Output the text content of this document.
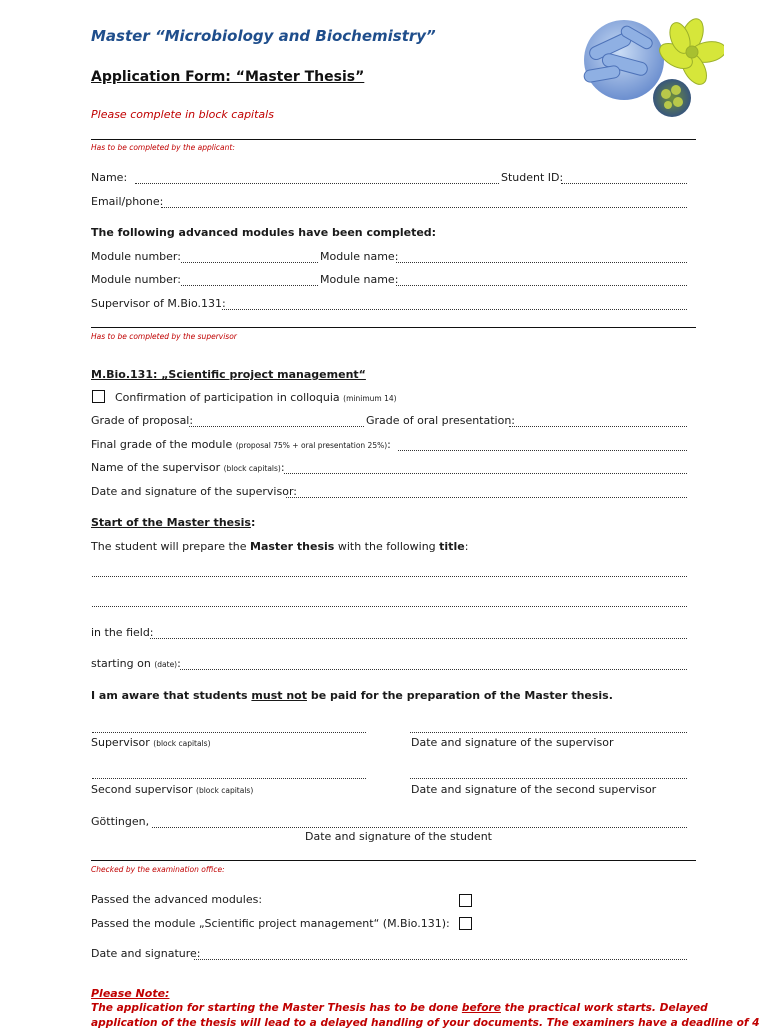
Master “Microbiology and Biochemistry”
Application Form: “Master Thesis”
Please complete in block capitals
Has to be completed by the applicant:
Name:	Student ID:
Email/phone:
The following advanced modules have been completed:
Module number:	Module name:
Module number:	Module name:
Supervisor of M.Bio.131:
Has to be completed by the supervisor
M.Bio.131: „Scientific project management“
Confirmation of participation in colloquia (minimum 14)
Grade of proposal:	Grade of oral presentation:
Final grade of the module (proposal 75% + oral presentation 25%):
Name of the supervisor (block capitals):
Date and signature of the supervisor:
Start of the Master thesis:
The student will prepare the Master thesis with the following title:
in the field:
starting on (date):
I am aware that students must not be paid for the preparation of the Master thesis.
Supervisor (block capitals)	Date and signature of the supervisor
Second supervisor (block capitals)	Date and signature of the second supervisor
Göttingen,
Date and signature of the student
Checked by the examination office:
Passed the advanced modules:
Passed the module „Scientific project management“ (M.Bio.131):
Date and signature:
Please Note:
The application for starting the Master Thesis has to be done before the practical work starts. Delayed
application of the thesis will lead to a delayed handling of your documents. The examiners have a deadline of 4
